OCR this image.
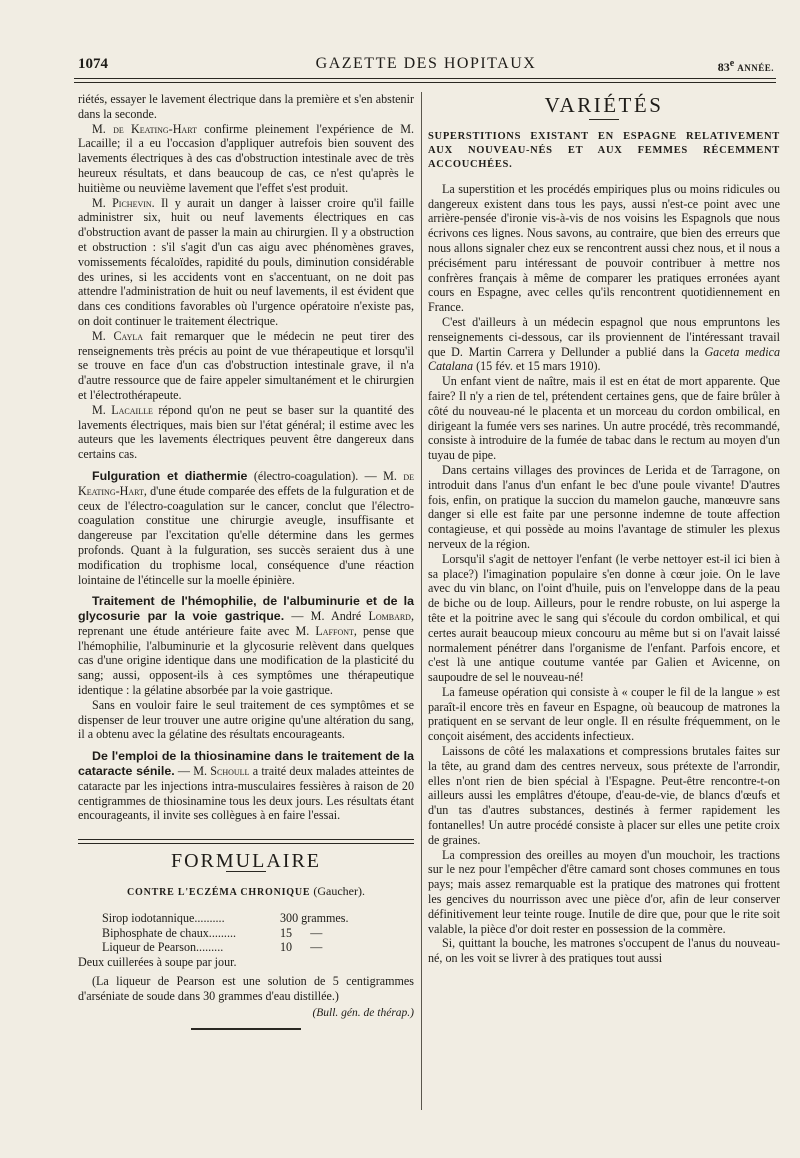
1074	GAZETTE DES HOPITAUX	83e ANNÉE.

riétés, essayer le lavement électrique dans la première et s'en abstenir dans la seconde.

M. de Keating-Hart confirme pleinement l'expérience de M. Lacaille; il a eu l'occasion d'appliquer autrefois bien souvent des lavements électriques à des cas d'obstruction intestinale avec de très heureux résultats, et dans beaucoup de cas, ce n'est qu'après le huitième ou neuvième lavement que l'effet s'est produit.

M. Pichevin. Il y aurait un danger à laisser croire qu'il faille administrer six, huit ou neuf lavements électriques en cas d'obstruction avant de passer la main au chirurgien. Il y a obstruction et obstruction : s'il s'agit d'un cas aigu avec phénomènes graves, vomissements fécaloïdes, rapidité du pouls, diminution considérable des urines, si les accidents vont en s'accentuant, on ne doit pas attendre l'administration de huit ou neuf lavements, il est évident que dans ces conditions favorables où l'urgence opératoire n'existe pas, on doit continuer le traitement électrique.

M. Cayla fait remarquer que le médecin ne peut tirer des renseignements très précis au point de vue thérapeutique et lorsqu'il se trouve en face d'un cas d'obstruction intestinale grave, il n'a d'autre ressource que de faire appeler simultanément et le chirurgien et l'électrothérapeute.

M. Lacaille répond qu'on ne peut se baser sur la quantité des lavements électriques, mais bien sur l'état général; il estime avec les auteurs que les lavements électriques peuvent être dangereux dans certains cas.

Fulguration et diathermie (électro-coagulation). — M. de Keating-Hart, d'une étude comparée des effets de la fulguration et de ceux de l'électro-coagulation sur le cancer, conclut que l'électro-coagulation constitue une chirurgie aveugle, insuffisante et dangereuse par l'excitation qu'elle détermine dans les germes profonds. Quant à la fulguration, ses succès seraient dus à une modification du trophisme local, conséquence d'une réaction lointaine de l'étincelle sur la moelle épinière.

Traitement de l'hémophilie, de l'albuminurie et de la glycosurie par la voie gastrique. — M. André Lombard, reprenant une étude antérieure faite avec M. Laffont, pense que l'hémophilie, l'albuminurie et la glycosurie relèvent dans quelques cas d'une origine identique dans une modification de la plasticité du sang; aussi, opposent-ils à ces symptômes une thérapeutique identique : la gélatine absorbée par la voie gastrique.

Sans en vouloir faire le seul traitement de ces symptômes et se dispenser de leur trouver une autre origine qu'une altération du sang, il a obtenu avec la gélatine des résultats encourageants.

De l'emploi de la thiosinamine dans le traitement de la cataracte sénile. — M. Schoull a traité deux malades atteintes de cataracte par les injections intra-musculaires fessières à raison de 20 centigrammes de thiosinamine tous les deux jours. Les résultats étant encourageants, il invite ses collègues à en faire l'essai.

FORMULAIRE
CONTRE L'ECZÉMA CHRONIQUE (Gaucher).
Sirop iodotannique..........	300 grammes.
Biphosphate de chaux.........	15 —
Liqueur de Pearson.........	10 —

Deux cuillerées à soupe par jour.

(La liqueur de Pearson est une solution de 5 centigrammes d'arséniate de soude dans 30 grammes d'eau distillée.)

(Bull. gén. de thérap.)
VARIÉTÉS

SUPERSTITIONS EXISTANT EN ESPAGNE RELATIVEMENT AUX NOUVEAU-NÉS ET AUX FEMMES RÉCEMMENT ACCOUCHÉES.

La superstition et les procédés empiriques plus ou moins ridicules ou dangereux existent dans tous les pays, aussi n'est-ce point avec une arrière-pensée d'ironie vis-à-vis de nos voisins les Espagnols que nous écrivons ces lignes. Nous savons, au contraire, que bien des erreurs que nous allons signaler chez eux se rencontrent aussi chez nous, et il nous a précisément paru intéressant de pouvoir contribuer à mettre nos confrères français à même de comparer les pratiques erronées ayant cours en Espagne, avec celles qu'ils rencontrent quotidiennement en France.

C'est d'ailleurs à un médecin espagnol que nous empruntons les renseignements ci-dessous, car ils proviennent de l'intéressant travail que D. Martin Carrera y Dellunder a publié dans la Gaceta medica Catalana (15 fév. et 15 mars 1910).

Un enfant vient de naître, mais il est en état de mort apparente. Que faire? Il n'y a rien de tel, prétendent certaines gens, que de faire brûler à côté du nouveau-né le placenta et un morceau du cordon ombilical, en dirigeant la fumée vers ses narines. Un autre procédé, très recommandé, consiste à introduire de la fumée de tabac dans le rectum au moyen d'un tuyau de pipe.

Dans certains villages des provinces de Lerida et de Tarragone, on introduit dans l'anus d'un enfant le bec d'une poule vivante! D'autres fois, enfin, on pratique la succion du mamelon gauche, manœuvre sans danger si elle est faite par une personne indemne de toute affection contagieuse, et qui possède au moins l'avantage de stimuler les plexus nerveux de la région.

Lorsqu'il s'agit de nettoyer l'enfant (le verbe nettoyer est-il ici bien à sa place?) l'imagination populaire s'en donne à cœur joie. On le lave avec du vin blanc, on l'oint d'huile, puis on l'enveloppe dans de la peau de biche ou de loup. Ailleurs, pour le rendre robuste, on lui asperge la tête et la poitrine avec le sang qui s'écoule du cordon ombilical, et qui certes aurait beaucoup mieux concouru au même but si on l'avait laissé normalement pénétrer dans l'organisme de l'enfant. Parfois encore, et c'est là une antique coutume vantée par Galien et Avicenne, on saupoudre de sel le nouveau-né!

La fameuse opération qui consiste à « couper le fil de la langue » est paraît-il encore très en faveur en Espagne, où beaucoup de matrones la pratiquent en se servant de leur ongle. Il en résulte fréquemment, on le conçoit aisément, des accidents infectieux.

Laissons de côté les malaxations et compressions brutales faites sur la tête, au grand dam des centres nerveux, sous prétexte de l'arrondir, elles n'ont rien de bien spécial à l'Espagne. Peut-être rencontre-t-on ailleurs aussi les emplâtres d'étoupe, d'eau-de-vie, de blancs d'œufs et d'un tas d'autres substances, destinés à fermer rapidement les fontanelles! Un autre procédé consiste à placer sur elles une petite croix de graines.

La compression des oreilles au moyen d'un mouchoir, les tractions sur le nez pour l'empêcher d'être camard sont choses communes en tous pays; mais assez remarquable est la pratique des matrones qui frottent les gencives du nourrisson avec une pièce d'or, afin de leur conserver définitivement leur teinte rouge. Inutile de dire que, pour que le rite soit valable, la pièce d'or doit rester en possession de la commère.

Si, quittant la bouche, les matrones s'occupent de l'anus du nouveau-né, on les voit se livrer à des pratiques tout aussi
